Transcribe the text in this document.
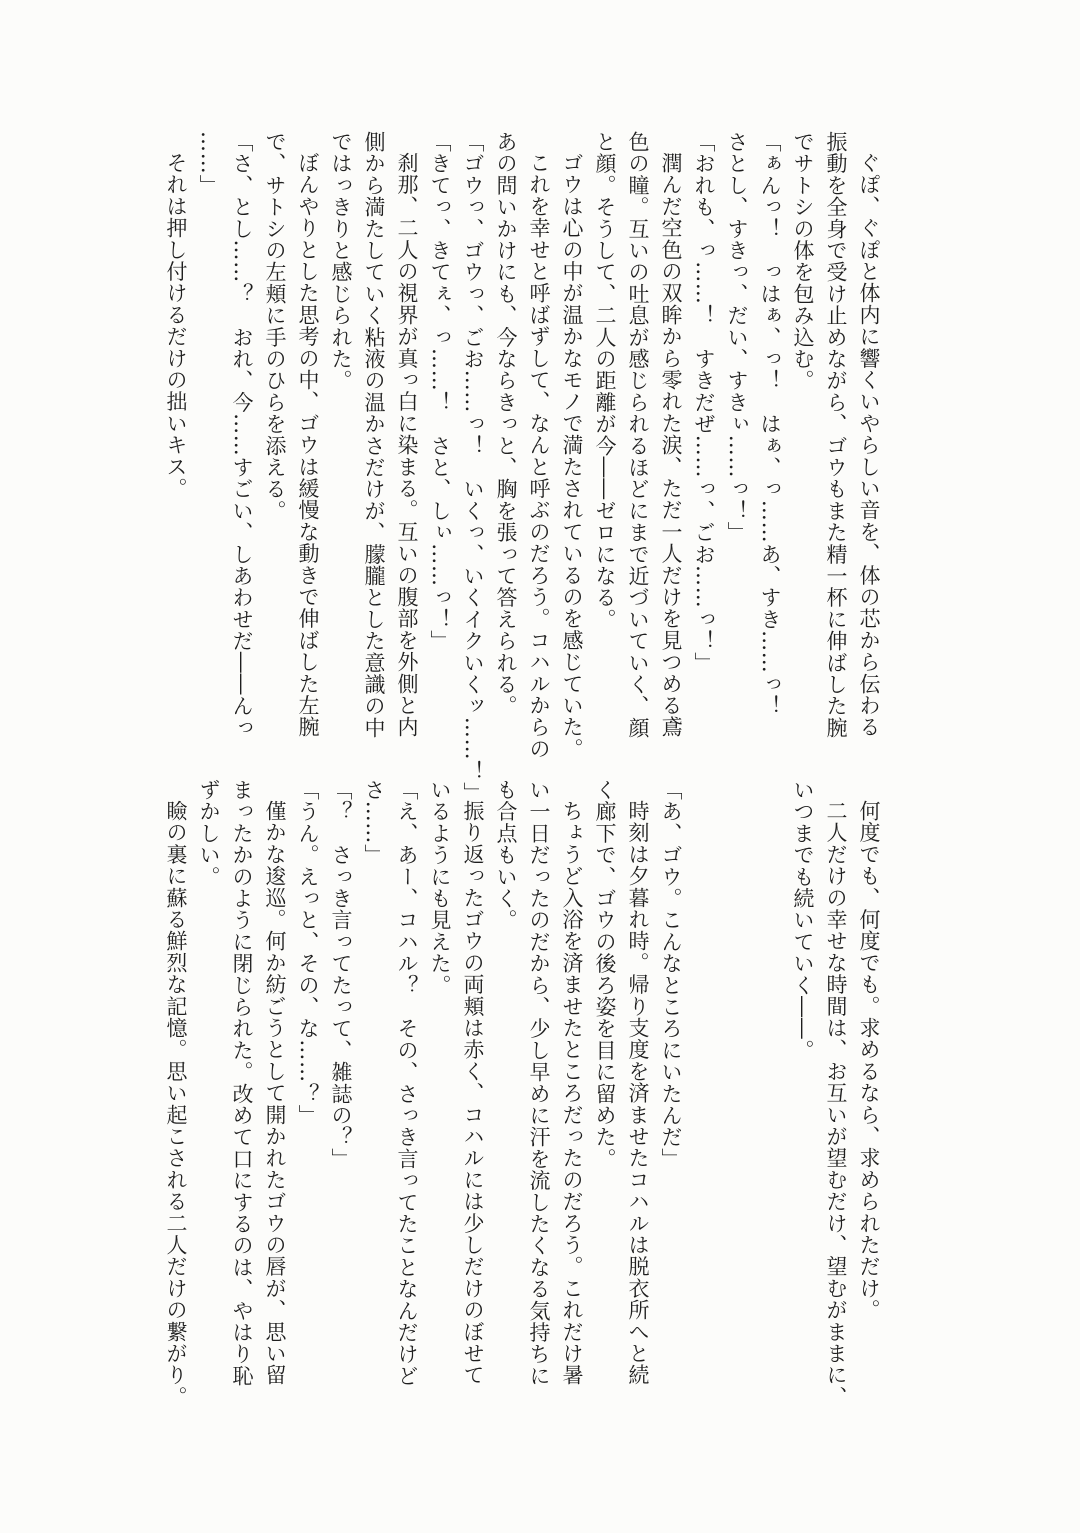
ぐぽ、ぐぽと体内に響くいやらしい音を、体の芯から伝わる
振動を全身で受け止めながら、ゴウもまた精一杯に伸ばした腕
でサトシの体を包み込む。
「ぁんっ！　っはぁ、っ！　はぁ、っ……あ、すき……っ！
さとし、すきっ、だい、すきぃ……っ！」
「おれも、っ……！　すきだぜ……っ、ごお……っ！」
潤んだ空色の双眸から零れた涙、ただ一人だけを見つめる鳶
色の瞳。互いの吐息が感じられるほどにまで近づいていく、顔
と顔。そうして、二人の距離が今――ゼロになる。
ゴウは心の中が温かなモノで満たされているのを感じていた。
これを幸せと呼ばずして、なんと呼ぶのだろう。コハルからの
あの問いかけにも、今ならきっと、胸を張って答えられる。
「ゴウっ、ゴウっ、ごお……っ！　いくっ、いくイクいくッ……！」
「きてっ、きてぇ、っ……！　さと、しぃ……っ！」
刹那、二人の視界が真っ白に染まる。互いの腹部を外側と内
側から満たしていく粘液の温かさだけが、朦朧とした意識の中
ではっきりと感じられた。
ぼんやりとした思考の中、ゴウは緩慢な動きで伸ばした左腕
で、サトシの左頬に手のひらを添える。
「さ、とし……？　おれ、今……すごい、しあわせだ――んっ
……」
それは押し付けるだけの拙いキス。
何度でも、何度でも。求めるなら、求められただけ。
二人だけの幸せな時間は、お互いが望むだけ、望むがままに、
いつまでも続いていく――。

「あ、ゴウ。こんなところにいたんだ」
時刻は夕暮れ時。帰り支度を済ませたコハルは脱衣所へと続
く廊下で、ゴウの後ろ姿を目に留めた。
ちょうど入浴を済ませたところだったのだろう。これだけ暑
い一日だったのだから、少し早めに汗を流したくなる気持ちに
も合点もいく。
振り返ったゴウの両頬は赤く、コハルには少しだけのぼせて
いるようにも見えた。
「え、あー、コハル？　その、さっき言ってたことなんだけど
さ……」
「？　さっき言ってたって、雑誌の？」
「うん。えっと、その、な……？」
僅かな逡巡。何か紡ごうとして開かれたゴウの唇が、思い留
まったかのように閉じられた。改めて口にするのは、やはり恥
ずかしい。
瞼の裏に蘇る鮮烈な記憶。思い起こされる二人だけの繋がり。
